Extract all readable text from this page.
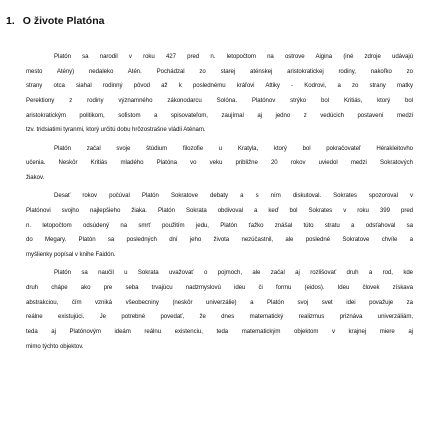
1. O živote Platóna
Platón sa narodil v roku 427 pred n. letopočtom na ostrove Aigina (iné zdroje udávajú
mesto Atény) nedaleko Atén. Pochádzal zo starej aténskej aristokratickej rodiny, nakoľko zo
strany otca siahal rodinný pôvod až k poslednému kráľovi Attiky - Kodrovi, a zo strany matky
Perektiony z rodiny významného zákonodarcu Solóna. Platónov strýko bol Kritiás, ktorý bol
aristokratickým politikom, sofistom a spisovateľom, zaujímal aj jedno z vedúcich postavení medzi
tzv. tridsiatimi tyranmi, ktorý určitú dobu hrôzostrašne vládli Aténam.
Platón začal svoje štúdium filozofie u Kratyla, ktorý bol pokračovateľ Hérakleitovho
učenia. Neskôr Kritiás mladého Platóna vo veku približne 20 rokov uviedol medzi Sokratových
žiakov.
Desať rokov počúval Platón Sokratove debaty a s ním diskutoval. Sokrates spozoroval v
Platónovi svojho najlepšieho žiaka. Platón Sokrata obdivoval a keď bol Sokrates v roku 399 pred
n. letopočtom odsúdený na smrť použitím jedu, Platón ťažko znášal túto stratu a odsťahoval sa
do Megary. Platón sa posledných dní jeho života nezúčastnil, ale posledné Sokratove chvíle a
myšlienky popísal v knihe Faidón.
Platón sa naučil u Sokrata uvažovať o pojmoch, ale začal aj rozlišovať druh a rod, kde
druh chápe ako pre seba trvajúcu nadzmyslovú ideu či formu (eidos). Ideu človek získava
abstrakciou, čím vzniká všeobecniny (neskôr univerzálie) a Platón svoj svet idei považuje za
reálne existujúci. Je potrebné povedať, že dnes matematický realizmus priznáva univerzáliám,
teda aj Platónovým ideám reálnu existenciu, teda matematickým objektom v krajnej miere aj
mimo týchto objektov.
